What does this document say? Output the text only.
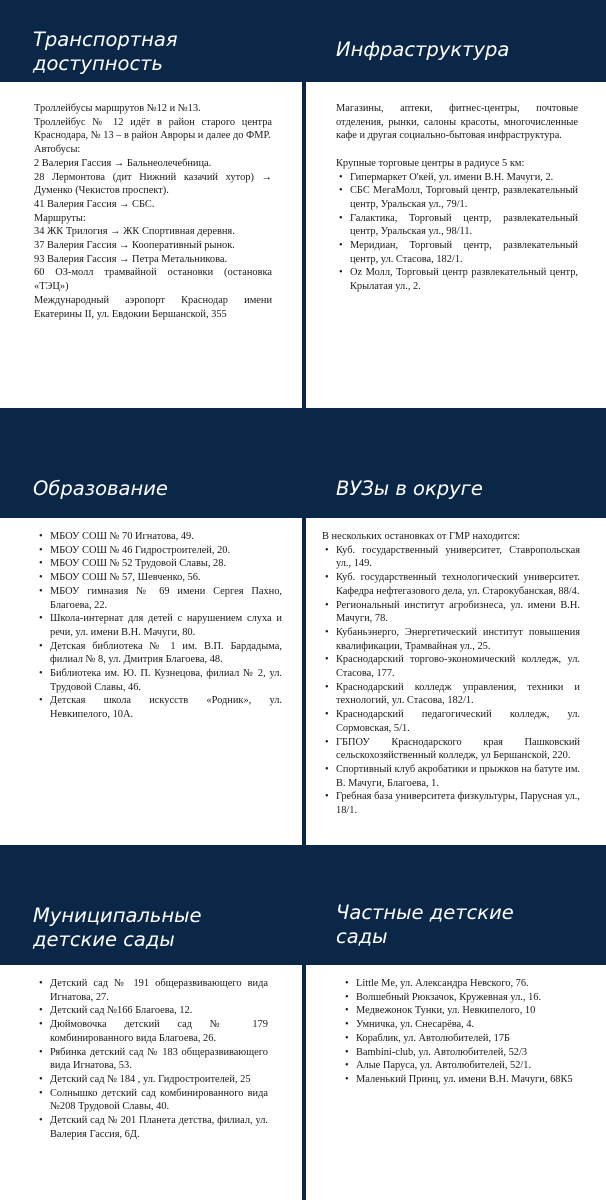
Транспортная
доступность
Инфраструктура
Троллейбусы маршрутов №12 и №13.
Троллейбус № 12 идёт в район старого центра Краснодара, № 13 – в район Авроры и далее до ФМР.
Автобусы:
2 Валерия Гассия → Бальнеолечебница.
28 Лермонтова (дит Нижний казачий хутор) → Думенко (Чекистов проспект).
41 Валерия Гассия → СБС.
Маршруты:
34 ЖК Трилогия → ЖК Спортивная деревня.
37 Валерия Гассия → Кооперативный рынок.
93 Валерия Гассия → Петра Метальникова.
60 ОЗ-молл трамвайной остановки (остановка «ТЭЦ»)
Международный аэропорт Краснодар имени Екатерины II, ул. Евдокии Бершанской, 355

Магазины, аптеки, фитнес-центры, почтовые отделения, рынки, салоны красоты, многочисленные кафе и другая социально-бытовая инфраструктура.

Крупные торговые центры в радиусе 5 км:

• Гипермаркет О'кей, ул. имени В.Н. Мачуги, 2.
• СБС МегаМолл, Торговый центр, развлекательный центр, Уральская ул., 79/1.
• Галактика, Торговый центр, развлекательный центр, Уральская ул., 98/11.
• Меридиан, Торговый центр, развлекательный центр, ул. Стасова, 182/1.
• Oz Молл, Торговый центр развлекательный центр, Крылатая ул., 2.
Образование	ВУЗы в округе
• МБОУ СОШ № 70 Игнатова, 49.
• МБОУ СОШ № 46 Гидростроителей, 20.
• МБОУ СОШ № 52 Трудовой Славы, 28.
• МБОУ СОШ № 57, Шевченко, 56.
• МБОУ гимназия № 69 имени Сергея Пахно, Благоева, 22.
• Школа-интернат для детей с нарушением слуха и речи, ул. имени В.Н. Мачуги, 80.
• Детская библиотека № 1 им. В.П. Бардадыма, филиал № 8, ул. Дмитрия Благоева, 48.
• Библиотека им. Ю. П. Кузнецова, филиал № 2, ул. Трудовой Славы, 46.
• Детская школа искусств «Родник», ул. Невкипелого, 10А.

В нескольких остановках от ГМР находится:

• Куб. государственный университет, Ставропольская ул., 149.
• Куб. государственный технологический университет. Кафедра нефтегазового дела, ул. Старокубанская, 88/4.
• Региональный институт агробизнеса, ул. имени В.Н. Мачуги, 78.
• Кубаньэнерго, Энергетический институт повышения квалификации, Трамвайная ул., 25.
• Краснодарский торгово-экономический колледж, ул. Стасова, 177.
• Краснодарский колледж управления, техники и технологий, ул. Стасова, 182/1.
• Краснодарский педагогический колледж, ул. Сормовская, 5/1.
• ГБПОУ Краснодарского края Пашковский сельскохозяйственный колледж, ул Бершанской, 220.
• Спортивный клуб акробатики и прыжков на батуте им. В. Мачуги, Благоева, 1.
• Гребная база университета физкультуры, Парусная ул., 18/1.
Муниципальные
детские сады
Частные детские
сады
• Детский сад № 191 общеразвивающего вида Игнатова, 27.
• Детский сад №166 Благоева, 12.
• Дюймовочка детский сад № 179 комбинированного вида Благоева, 26.
• Рябинка детский сад № 183 общеразвивающего вида Игнатова, 53.
• Детский сад № 184 , ул. Гидростроителей, 25
• Солнышко детский сад комбинированного вида №208 Трудовой Славы, 40.
• Детский сад № 201 Планета детства, филиал, ул. Валерия Гассия, 6Д.
• Little Me, ул. Александра Невского, 76.
• Волшебный Рюкзачок, Кружевная ул., 16.
• Медвежонок Тунки, ул. Невкипелого, 10
• Умничка, ул. Снесарёва, 4.
• Кораблик, ул. Автолюбителей, 17Б
• Bambini-club, ул. Автолюбителей, 52/3
• Алые Паруса, ул. Автолюбителей, 52/1.
• Маленький Принц, ул. имени В.Н. Мачуги, 68К5
